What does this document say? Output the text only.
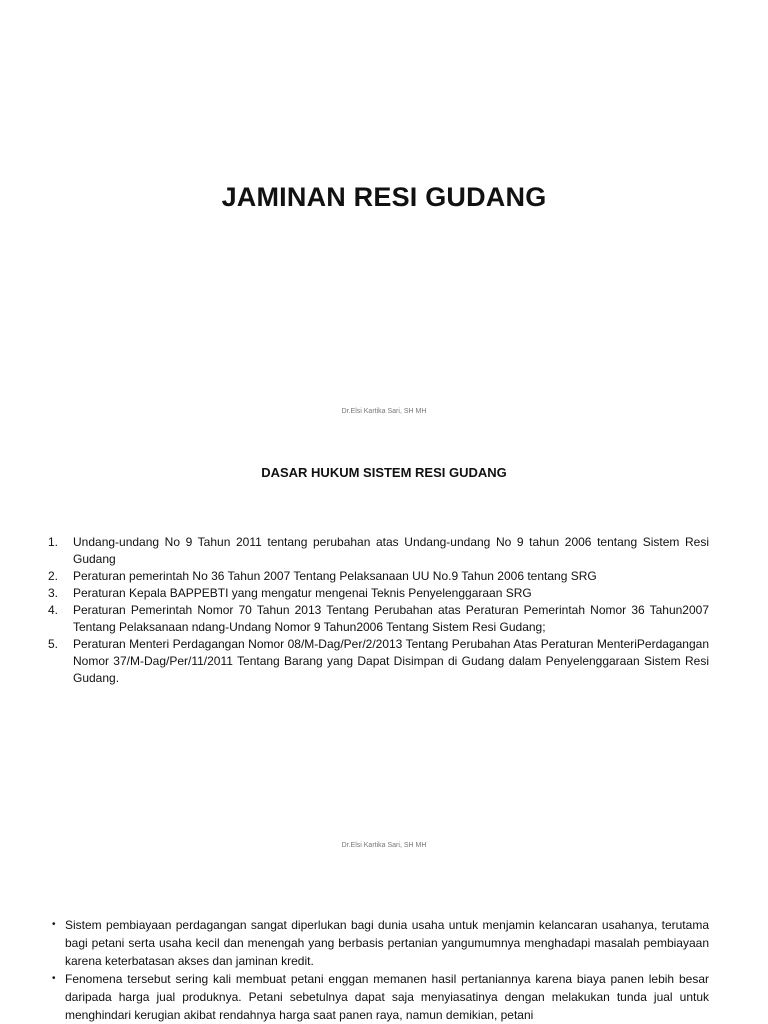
JAMINAN RESI GUDANG
Dr.Elsi Kartika Sari, SH MH
DASAR HUKUM SISTEM RESI GUDANG
1. Undang-undang No 9 Tahun 2011 tentang perubahan atas Undang-undang No 9 tahun 2006 tentang Sistem Resi Gudang
2. Peraturan pemerintah No 36 Tahun 2007 Tentang Pelaksanaan UU No.9 Tahun 2006 tentang SRG
3. Peraturan Kepala BAPPEBTI yang mengatur mengenai Teknis Penyelenggaraan SRG
4. Peraturan Pemerintah Nomor 70 Tahun 2013 Tentang Perubahan atas Peraturan Pemerintah Nomor 36 Tahun2007 Tentang Pelaksanaan ndang-Undang Nomor 9 Tahun2006 Tentang Sistem Resi Gudang;
5. Peraturan Menteri Perdagangan Nomor 08/M-Dag/Per/2/2013 Tentang Perubahan Atas Peraturan MenteriPerdagangan Nomor 37/M-Dag/Per/11/2011 Tentang Barang yang Dapat Disimpan di Gudang dalam Penyelenggaraan Sistem Resi Gudang.
Dr.Elsi Kartika Sari, SH MH
• Sistem pembiayaan perdagangan sangat diperlukan bagi dunia usaha untuk menjamin kelancaran usahanya, terutama bagi petani serta usaha kecil dan menengah yang berbasis pertanian yangumumnya menghadapi masalah pembiayaan karena keterbatasan akses dan jaminan kredit.
• Fenomena tersebut sering kali membuat petani enggan memanen hasil pertaniannya karena biaya panen lebih besar daripada harga jual produknya. Petani sebetulnya dapat saja menyiasatinya dengan melakukan tunda jual untuk menghindari kerugian akibat rendahnya harga saat panen raya, namun demikian, petani
